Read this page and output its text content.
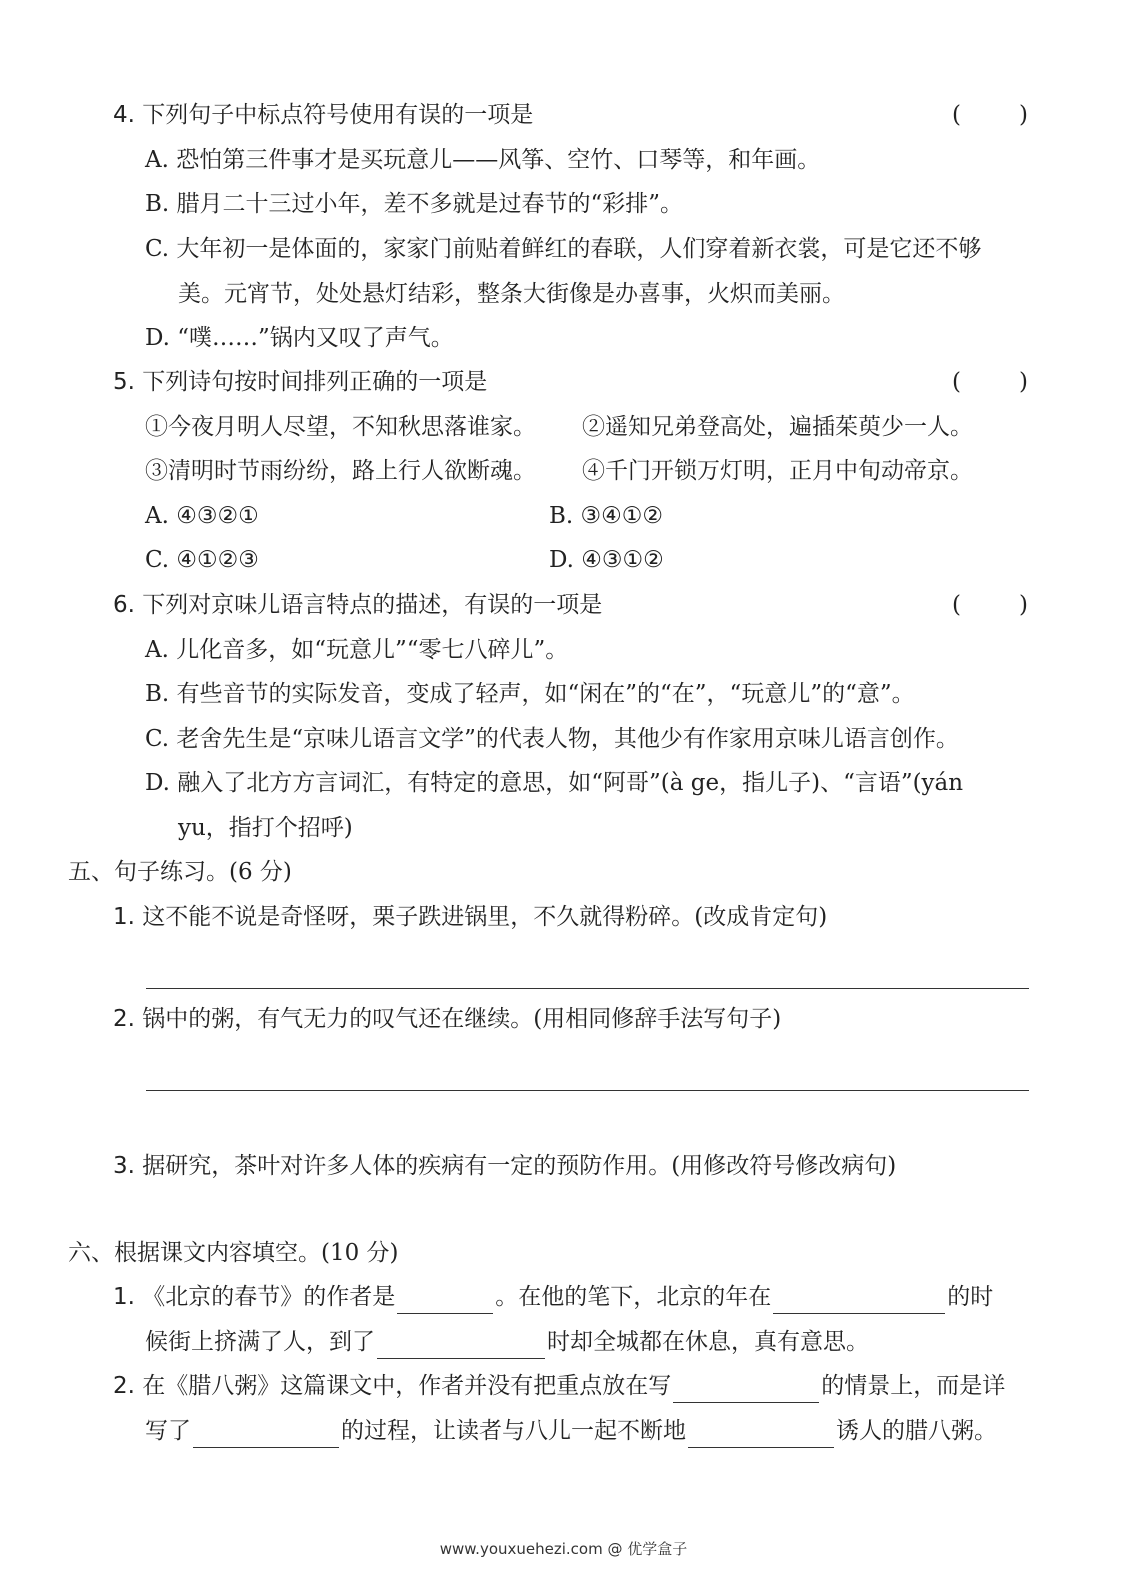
4. 下列句子中标点符号使用有误的一项是	(	)
A. 恐怕第三件事才是买玩意儿——风筝、空竹、口琴等，和年画。
B. 腊月二十三过小年，差不多就是过春节的“彩排”。
C. 大年初一是体面的，家家门前贴着鲜红的春联，人们穿着新衣裳，可是它还不够
美。元宵节，处处悬灯结彩，整条大街像是办喜事，火炽而美丽。
D. “噗……”锅内又叹了声气。
5. 下列诗句按时间排列正确的一项是	(	)
①今夜月明人尽望，不知秋思落谁家。 ②遥知兄弟登高处，遍插茱萸少一人。
③清明时节雨纷纷，路上行人欲断魂。 ④千门开锁万灯明，正月中旬动帝京。
A. ④③②①	B. ③④①②
C. ④①②③	D. ④③①②
6. 下列对京味儿语言特点的描述，有误的一项是	(	)
A. 儿化音多，如“玩意儿”“零七八碎儿”。
B. 有些音节的实际发音，变成了轻声，如“闲在”的“在”，“玩意儿”的“意”。
C. 老舍先生是“京味儿语言文学”的代表人物，其他少有作家用京味儿语言创作。
D. 融入了北方方言词汇，有特定的意思，如“阿哥”(à ge，指儿子)、“言语”(yán
yu，指打个招呼)
五、句子练习。(6 分)
1. 这不能不说是奇怪呀，栗子跌进锅里，不久就得粉碎。(改成肯定句)
2. 锅中的粥，有气无力的叹气还在继续。(用相同修辞手法写句子)
3. 据研究，茶叶对许多人体的疾病有一定的预防作用。(用修改符号修改病句)
六、根据课文内容填空。(10 分)
1. 《北京的春节》的作者是	。在他的笔下，北京的年在	的时
候街上挤满了人，到了	时却全城都在休息，真有意思。
2. 在《腊八粥》这篇课文中，作者并没有把重点放在写	的情景上，而是详
写了	的过程，让读者与八儿一起不断地	诱人的腊八粥。
www.youxuehezi.com @ 优学盒子
